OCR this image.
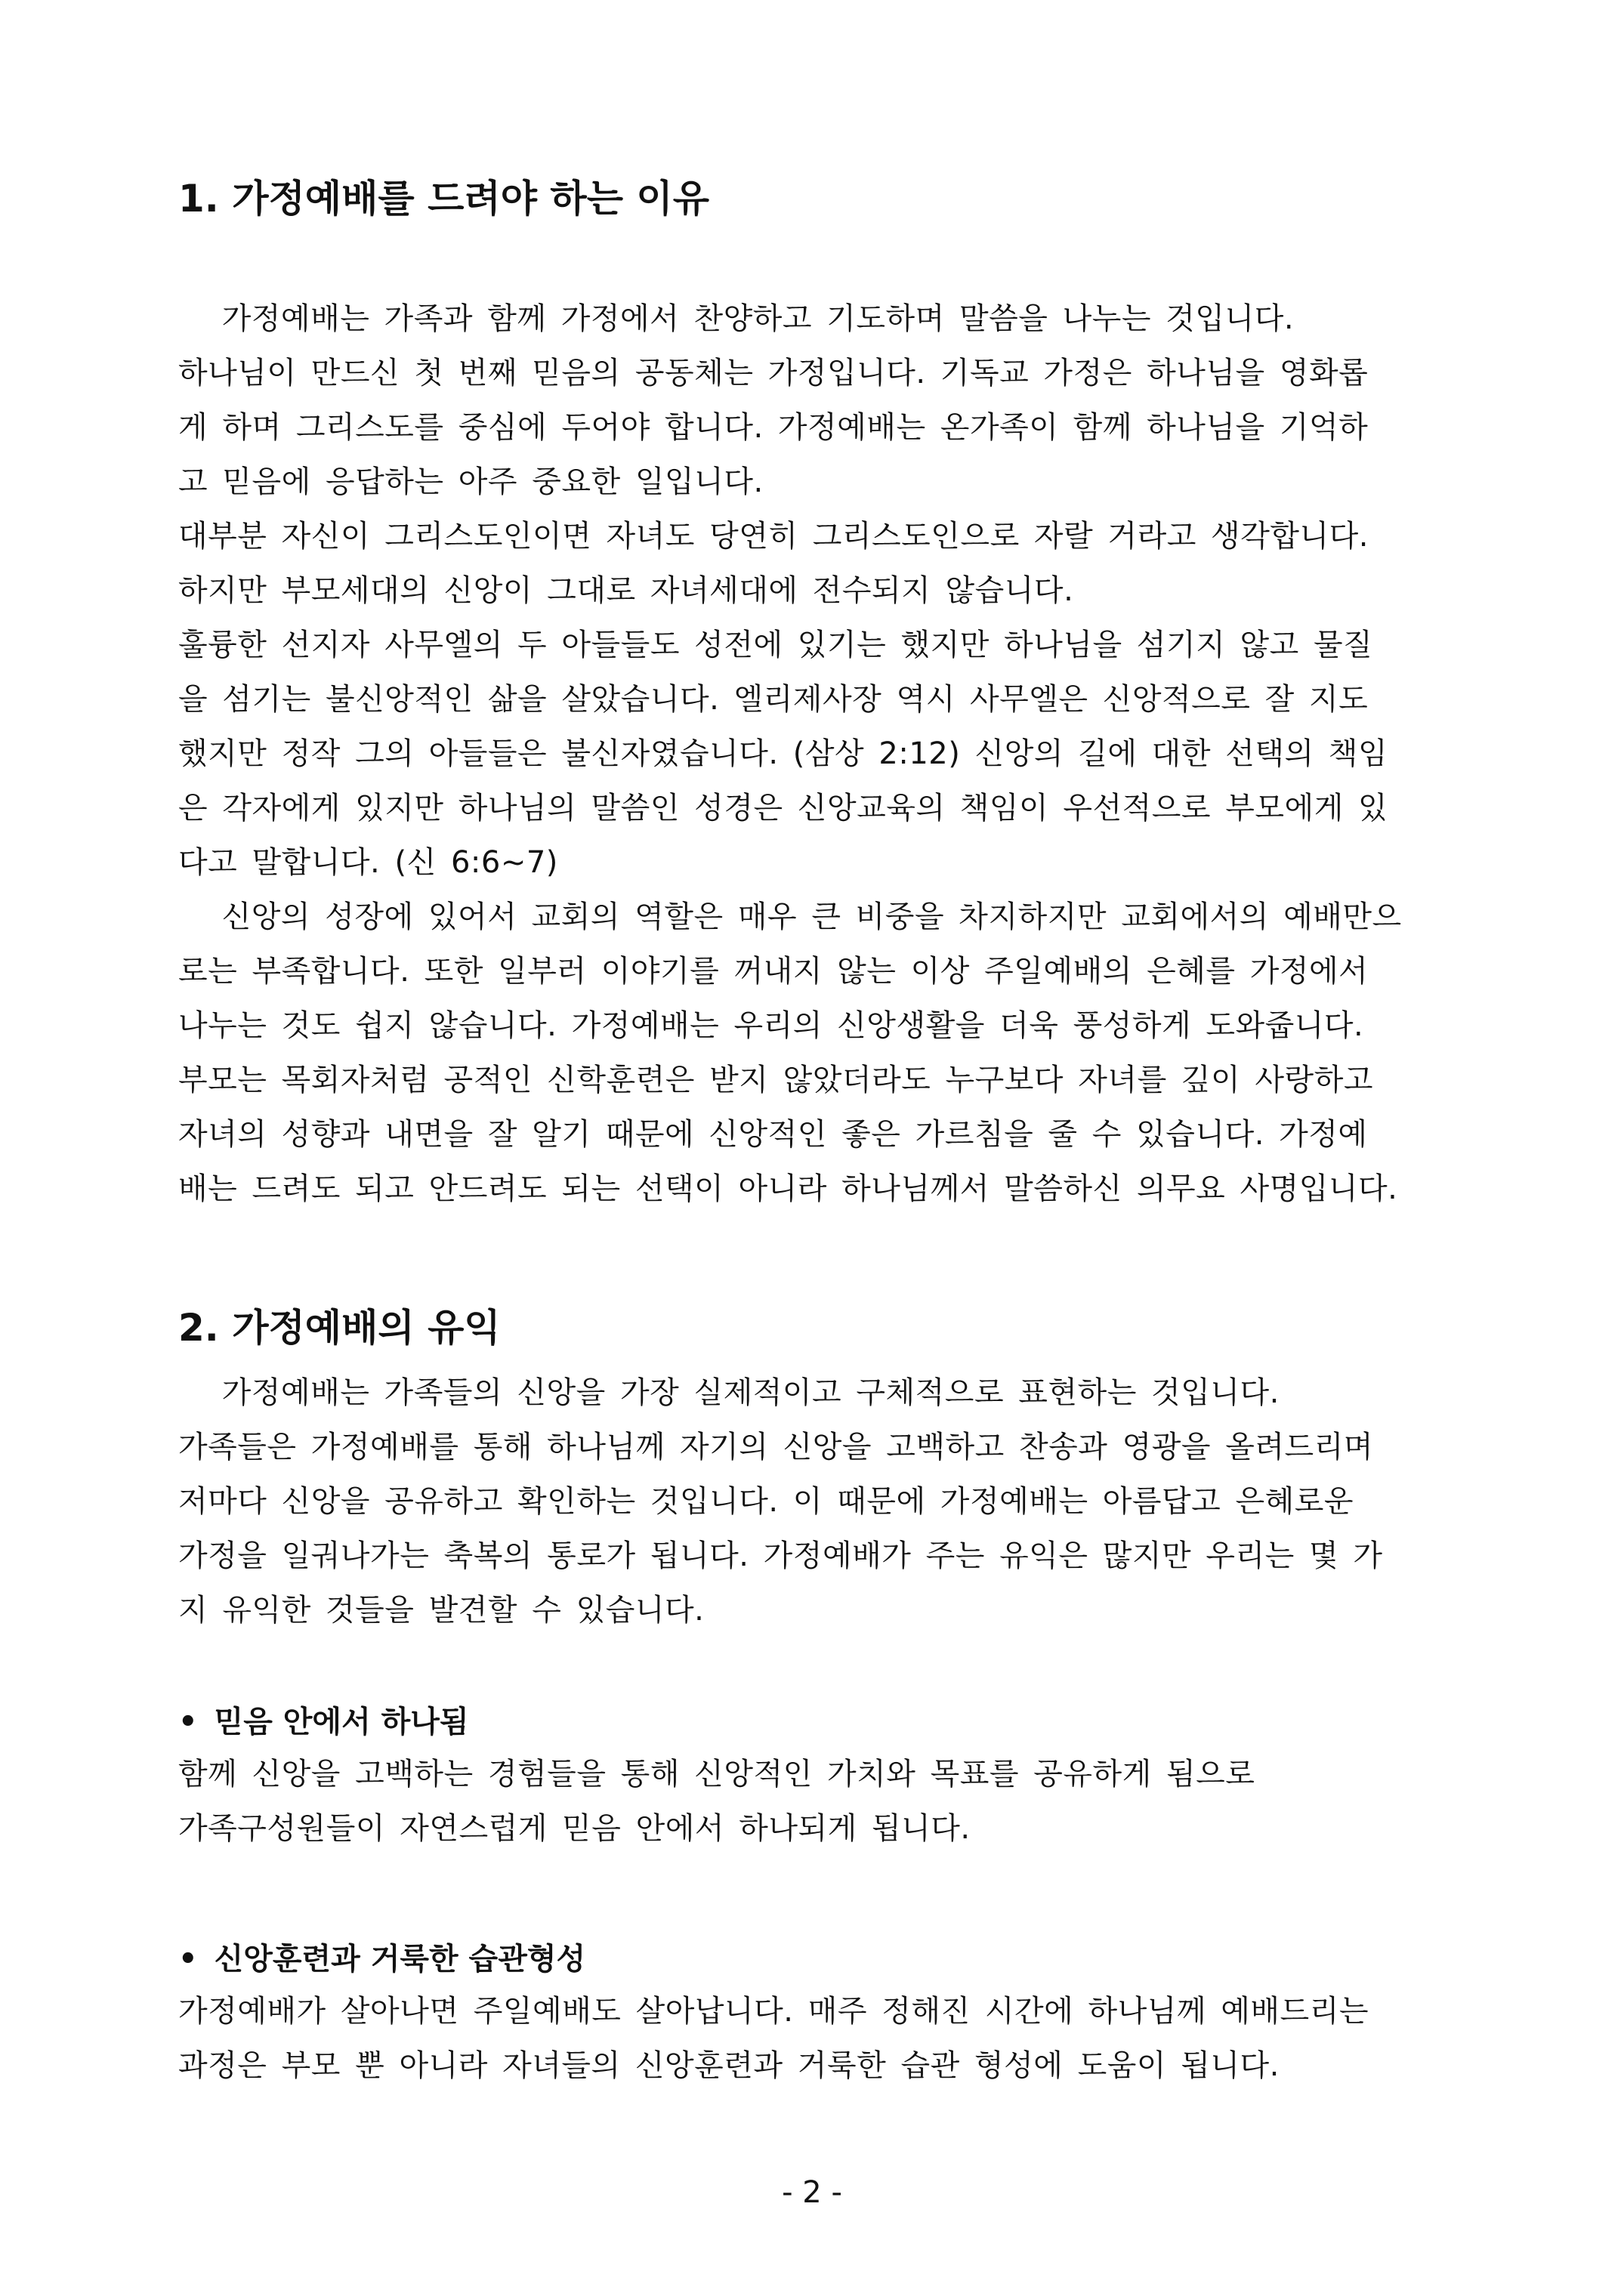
1. 가정예배를 드려야 하는 이유
가정예배는 가족과 함께 가정에서 찬양하고 기도하며 말씀을 나누는 것입니다.
하나님이 만드신 첫 번째 믿음의 공동체는 가정입니다. 기독교 가정은 하나님을 영화롭
게 하며 그리스도를 중심에 두어야 합니다. 가정예배는 온가족이 함께 하나님을 기억하
고 믿음에 응답하는 아주 중요한 일입니다.
대부분 자신이 그리스도인이면 자녀도 당연히 그리스도인으로 자랄 거라고 생각합니다.
하지만 부모세대의 신앙이 그대로 자녀세대에 전수되지 않습니다.
훌륭한 선지자 사무엘의 두 아들들도 성전에 있기는 했지만 하나님을 섬기지 않고 물질
을 섬기는 불신앙적인 삶을 살았습니다. 엘리제사장 역시 사무엘은 신앙적으로 잘 지도
했지만 정작 그의 아들들은 불신자였습니다. (삼상 2:12) 신앙의 길에 대한 선택의 책임
은 각자에게 있지만 하나님의 말씀인 성경은 신앙교육의 책임이 우선적으로 부모에게 있
다고 말합니다. (신 6:6~7)
신앙의 성장에 있어서 교회의 역할은 매우 큰 비중을 차지하지만 교회에서의 예배만으
로는 부족합니다. 또한 일부러 이야기를 꺼내지 않는 이상 주일예배의 은혜를 가정에서
나누는 것도 쉽지 않습니다. 가정예배는 우리의 신앙생활을 더욱 풍성하게 도와줍니다.
부모는 목회자처럼 공적인 신학훈련은 받지 않았더라도 누구보다 자녀를 깊이 사랑하고
자녀의 성향과 내면을 잘 알기 때문에 신앙적인 좋은 가르침을 줄 수 있습니다. 가정예
배는 드려도 되고 안드려도 되는 선택이 아니라 하나님께서 말씀하신 의무요 사명입니다.
2. 가정예배의 유익
가정예배는 가족들의 신앙을 가장 실제적이고 구체적으로 표현하는 것입니다.
가족들은 가정예배를 통해 하나님께 자기의 신앙을 고백하고 찬송과 영광을 올려드리며
저마다 신앙을 공유하고 확인하는 것입니다. 이 때문에 가정예배는 아름답고 은혜로운
가정을 일궈나가는 축복의 통로가 됩니다. 가정예배가 주는 유익은 많지만 우리는 몇 가
지 유익한 것들을 발견할 수 있습니다.
• 믿음 안에서 하나됨
함께 신앙을 고백하는 경험들을 통해 신앙적인 가치와 목표를 공유하게 됨으로
가족구성원들이 자연스럽게 믿음 안에서 하나되게 됩니다.
• 신앙훈련과 거룩한 습관형성
가정예배가 살아나면 주일예배도 살아납니다. 매주 정해진 시간에 하나님께 예배드리는
과정은 부모 뿐 아니라 자녀들의 신앙훈련과 거룩한 습관 형성에 도움이 됩니다.
- 2 -
